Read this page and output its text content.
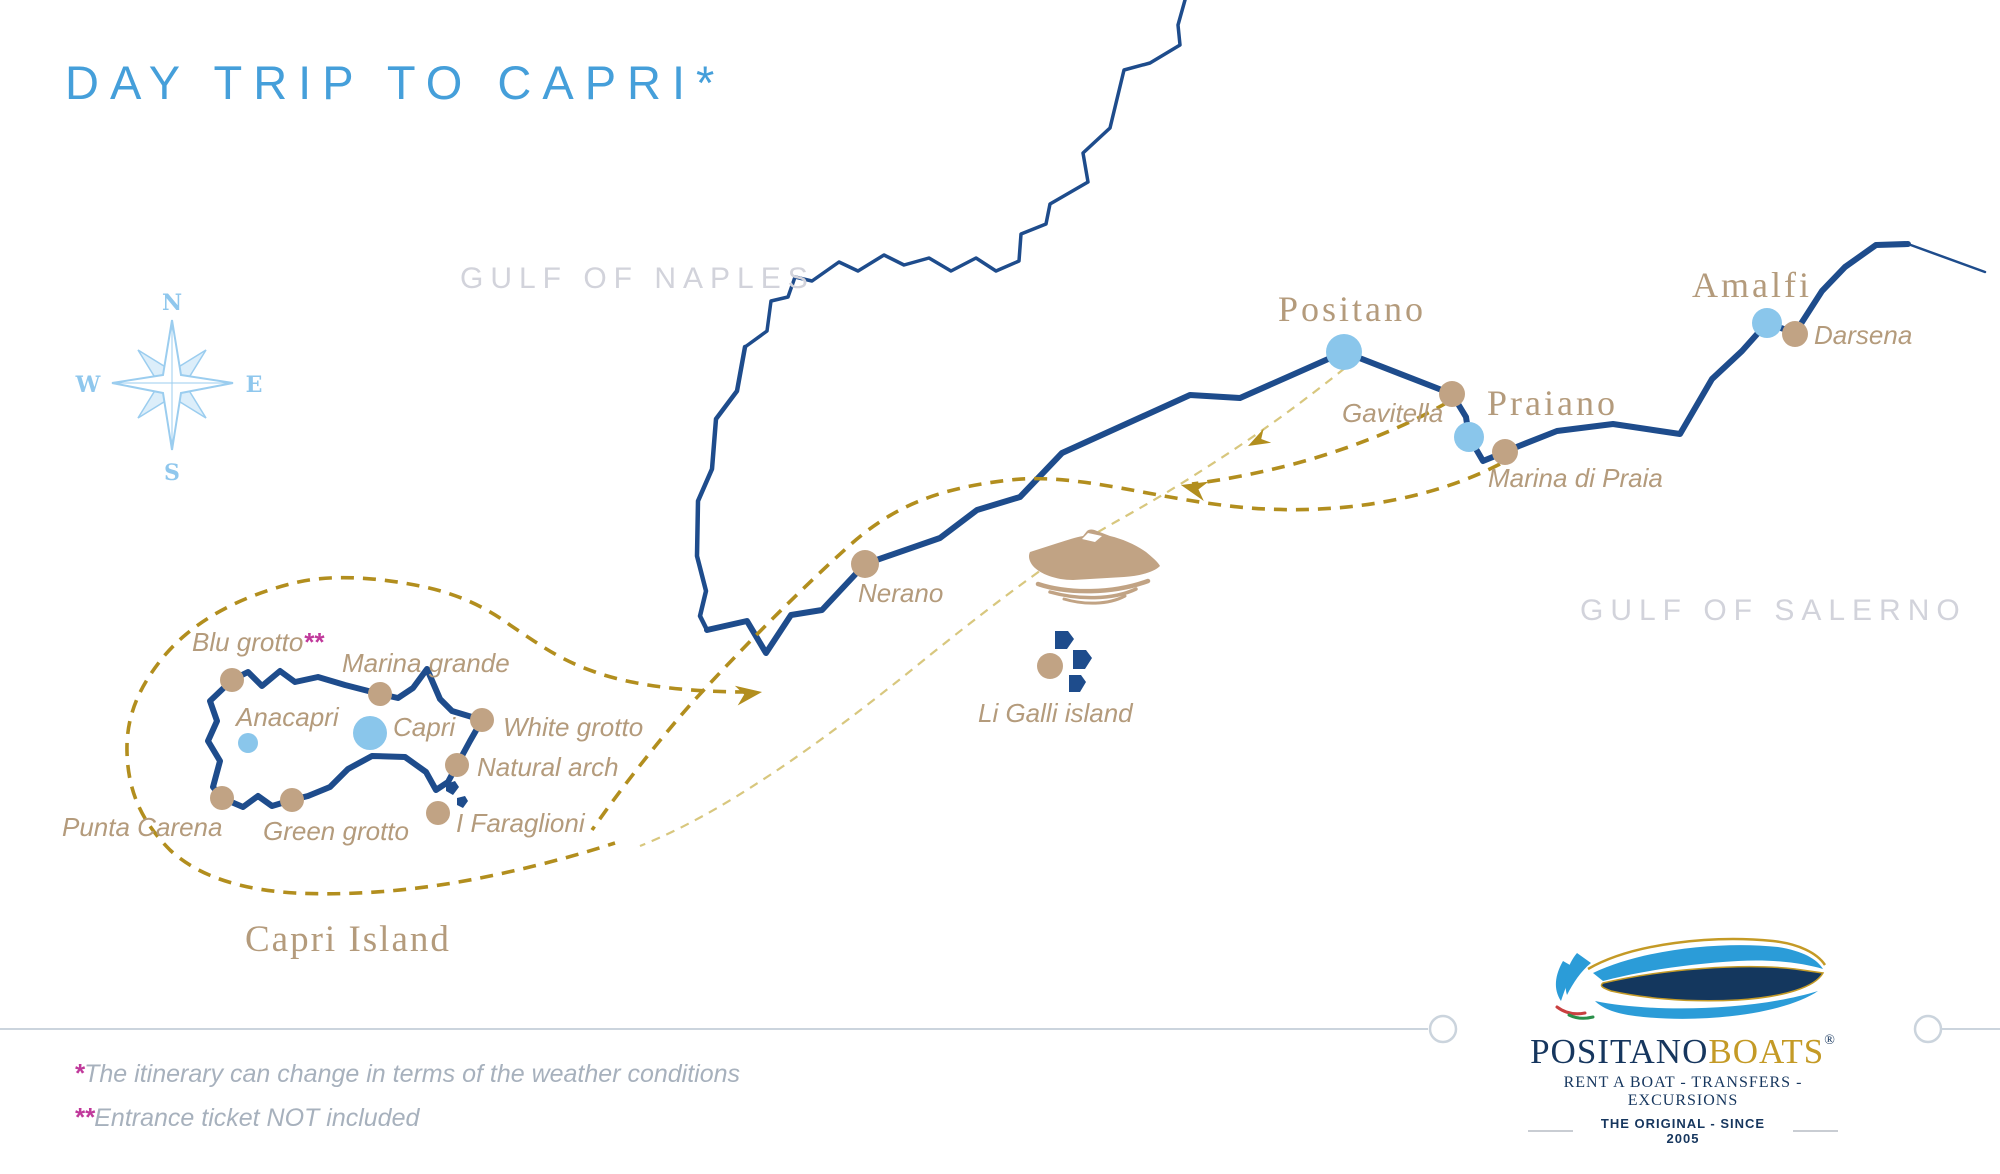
N
S
W	E
DAY TRIP TO CAPRI*
GULF OF NAPLES
GULF OF SALERNO
Positano
Praiano
Amalfi
Gavitella
Marina di Praia
Darsena
Nerano
Li Galli island
Blu grotto**
Marina grande
Anacapri Capri White grotto
Natural arch
I Faraglioni
Green grotto
Punta Carena
Capri Island
*The itinerary can change in terms of the weather conditions
**Entrance ticket NOT included
POSITANOBOATS®
RENT A BOAT - TRANSFERS - EXCURSIONS
THE ORIGINAL - SINCE 2005
